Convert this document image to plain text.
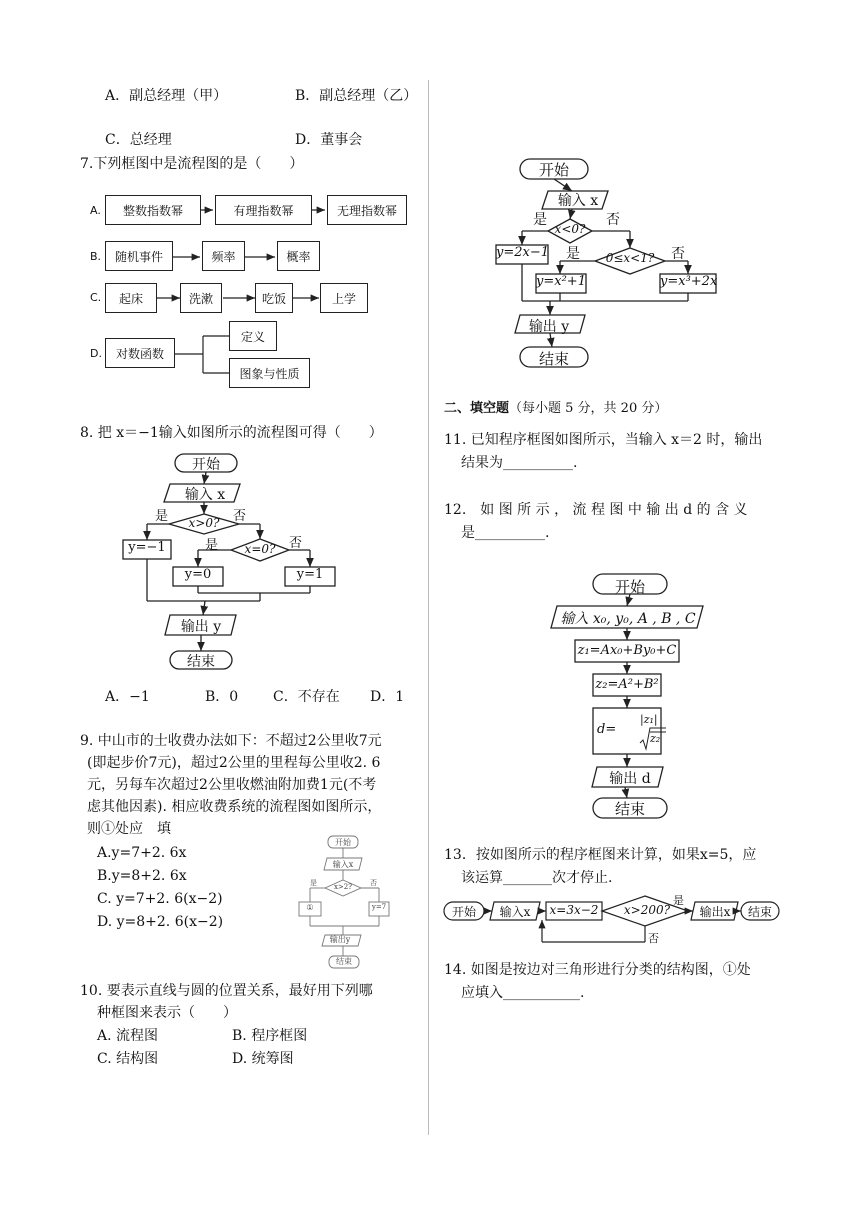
A．副总经理（甲）	B．副总经理（乙）
C．总经理	D．董事会
7.下列框图中是流程图的是（　　）
A.	整数指数幂	有理指数幂	无理指数幂
B.	随机事件	频率	概率
C.	起床	洗漱	吃饭	上学
D.	对数函数
定义
图象与性质
8. 把 x＝−1输入如图所示的流程图可得（　　）
开始
输入 x
x>0?
是	否
y=−1	x=0?
是	否
y=0	y=1
输出 y
结束
A．−1	B．0 C．不存在 D．1
9. 中山市的士收费办法如下：不超过2公里收7元
(即起步价7元)，超过2公里的里程每公里收2. 6
元，另每车次超过2公里收燃油附加费1元(不考
虑其他因素). 相应收费系统的流程图如图所示，
则①处应　填
A.y=7+2. 6x
B.y=8+2. 6x
C. y=7+2. 6(x−2)
D. y=8+2. 6(x−2)
开始
输入x
x>2?
是	否
①	y=7
输出y
结束
10. 要表示直线与圆的位置关系，最好用下列哪
种框图来表示（　　）
A. 流程图	B. 程序框图
C. 结构图	D. 统筹图
开始
输入 x
x<0?
是	否
y=2x−1	0≤x<1?
是	否
y=x²+1	y=x³+2x
输出 y
结束
二、填空题（每小题 5 分，共 20 分）
11. 已知程序框图如图所示，当输入 x＝2 时，输出
结果为__________.
12.　如 图 所 示 ， 流 程 图 中 输 出 d 的 含 义
是__________.
开始
输入 x₀, y₀, A , B , C
z₁=Ax₀+By₀+C
z₂=A²+B²
d=
|z₁|
z₂
输出 d
结束
13．按如图所示的程序框图来计算，如果x=5，应
该运算_______次才停止.
开始	输入x	x=3x−2	x>200?
是
否
输出x	结束
14. 如图是按边对三角形进行分类的结构图，①处
应填入___________.
